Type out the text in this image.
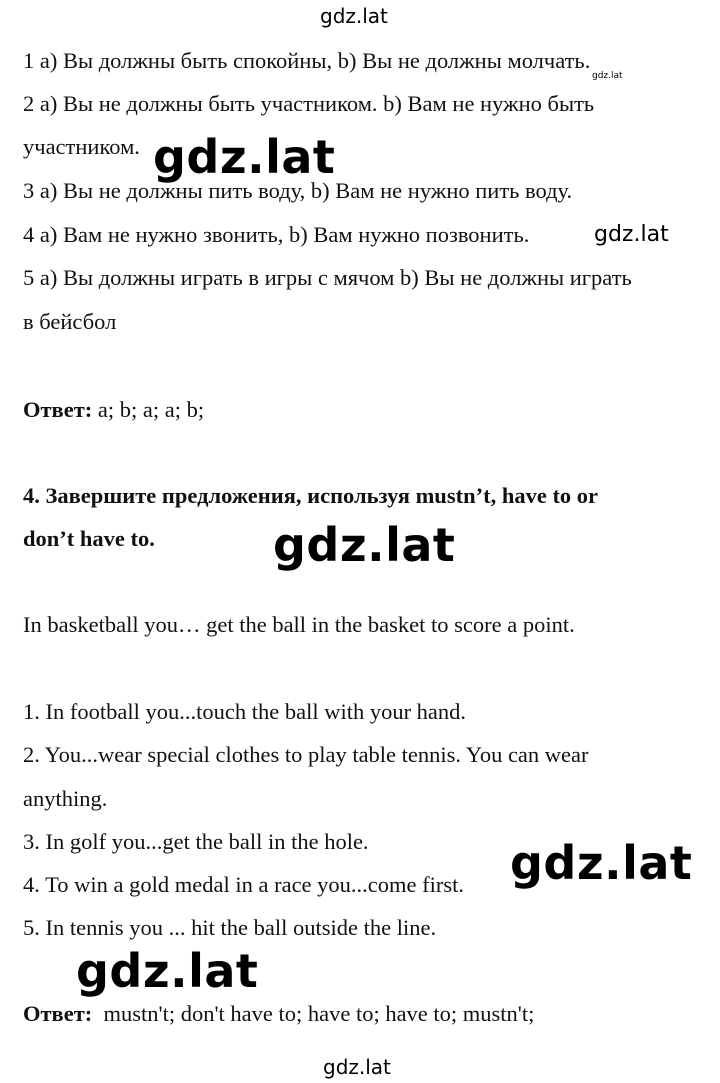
gdz.lat
1 a) Вы должны быть спокойны, b) Вы не должны молчать.
gdz.lat
2 a) Вы не должны быть участником. b) Вам не нужно быть
участником. gdz.lat
3 a) Вы не должны пить воду, b) Вам не нужно пить воду.
4 a) Вам не нужно звонить, b) Вам нужно позвонить.	gdz.lat
5 a) Вы должны играть в игры с мячом b) Вы не должны играть
в бейсбол
Ответ: a; b; a; a; b;
4. Завершите предложения, используя mustn’t, have to or
don’t have to.	gdz.lat
In basketball you… get the ball in the basket to score a point.
1. In football you...touch the ball with your hand.
2. You...wear special clothes to play table tennis. You can wear
anything.
3. In golf you...get the ball in the hole.
4. To win a gold medal in a race you...come first. gdz.lat
5. In tennis you ... hit the ball outside the line.
gdz.lat
Ответ:  mustn't; don't have to; have to; have to; mustn't;
gdz.lat
